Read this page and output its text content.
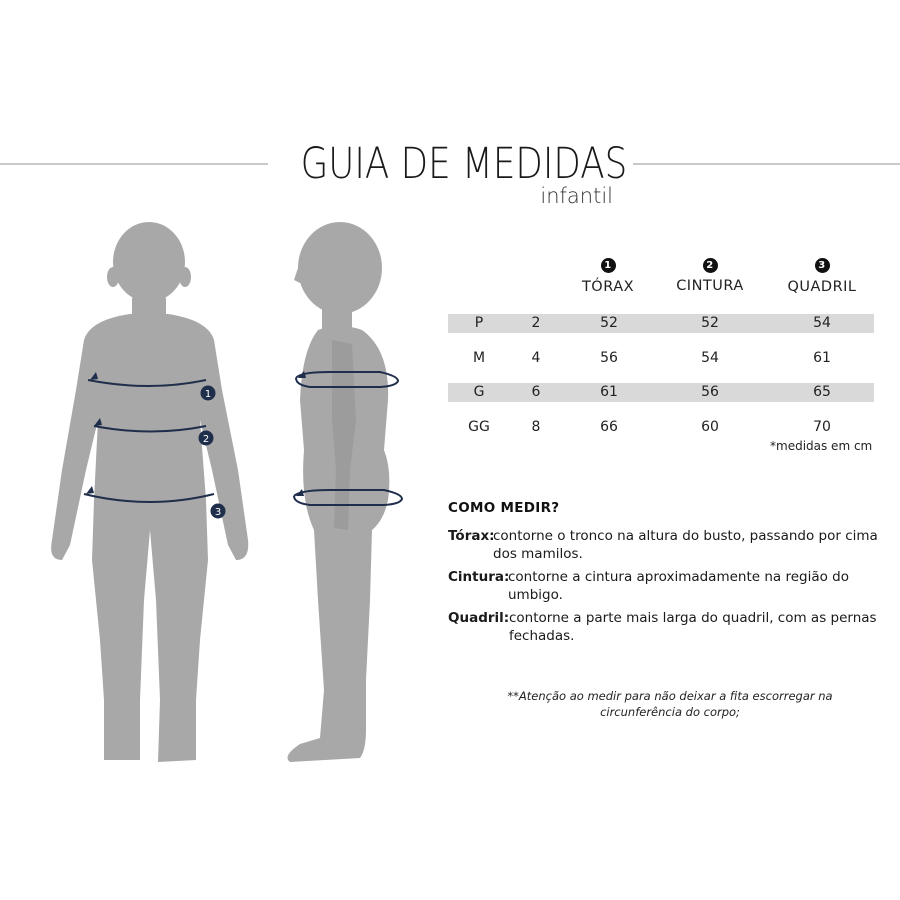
GUIA DE MEDIDAS
infantil
1
2
3
1
TÓRAX
2
CINTURA
3
QUADRIL
P	2	52	52	54
M	4	56	54	61
G	6	61	56	65
GG	8	66	60	70
*medidas em cm
COMO MEDIR?
Tórax:
contorne o tronco na altura do busto, passando por cima dos mamilos.
Cintura:
contorne a cintura aproximadamente na região do umbigo.
Quadril: contorne a parte mais larga do quadril, com as pernas fechadas.
**Atenção ao medir para não deixar a fita escorregar na circunferência do corpo;
